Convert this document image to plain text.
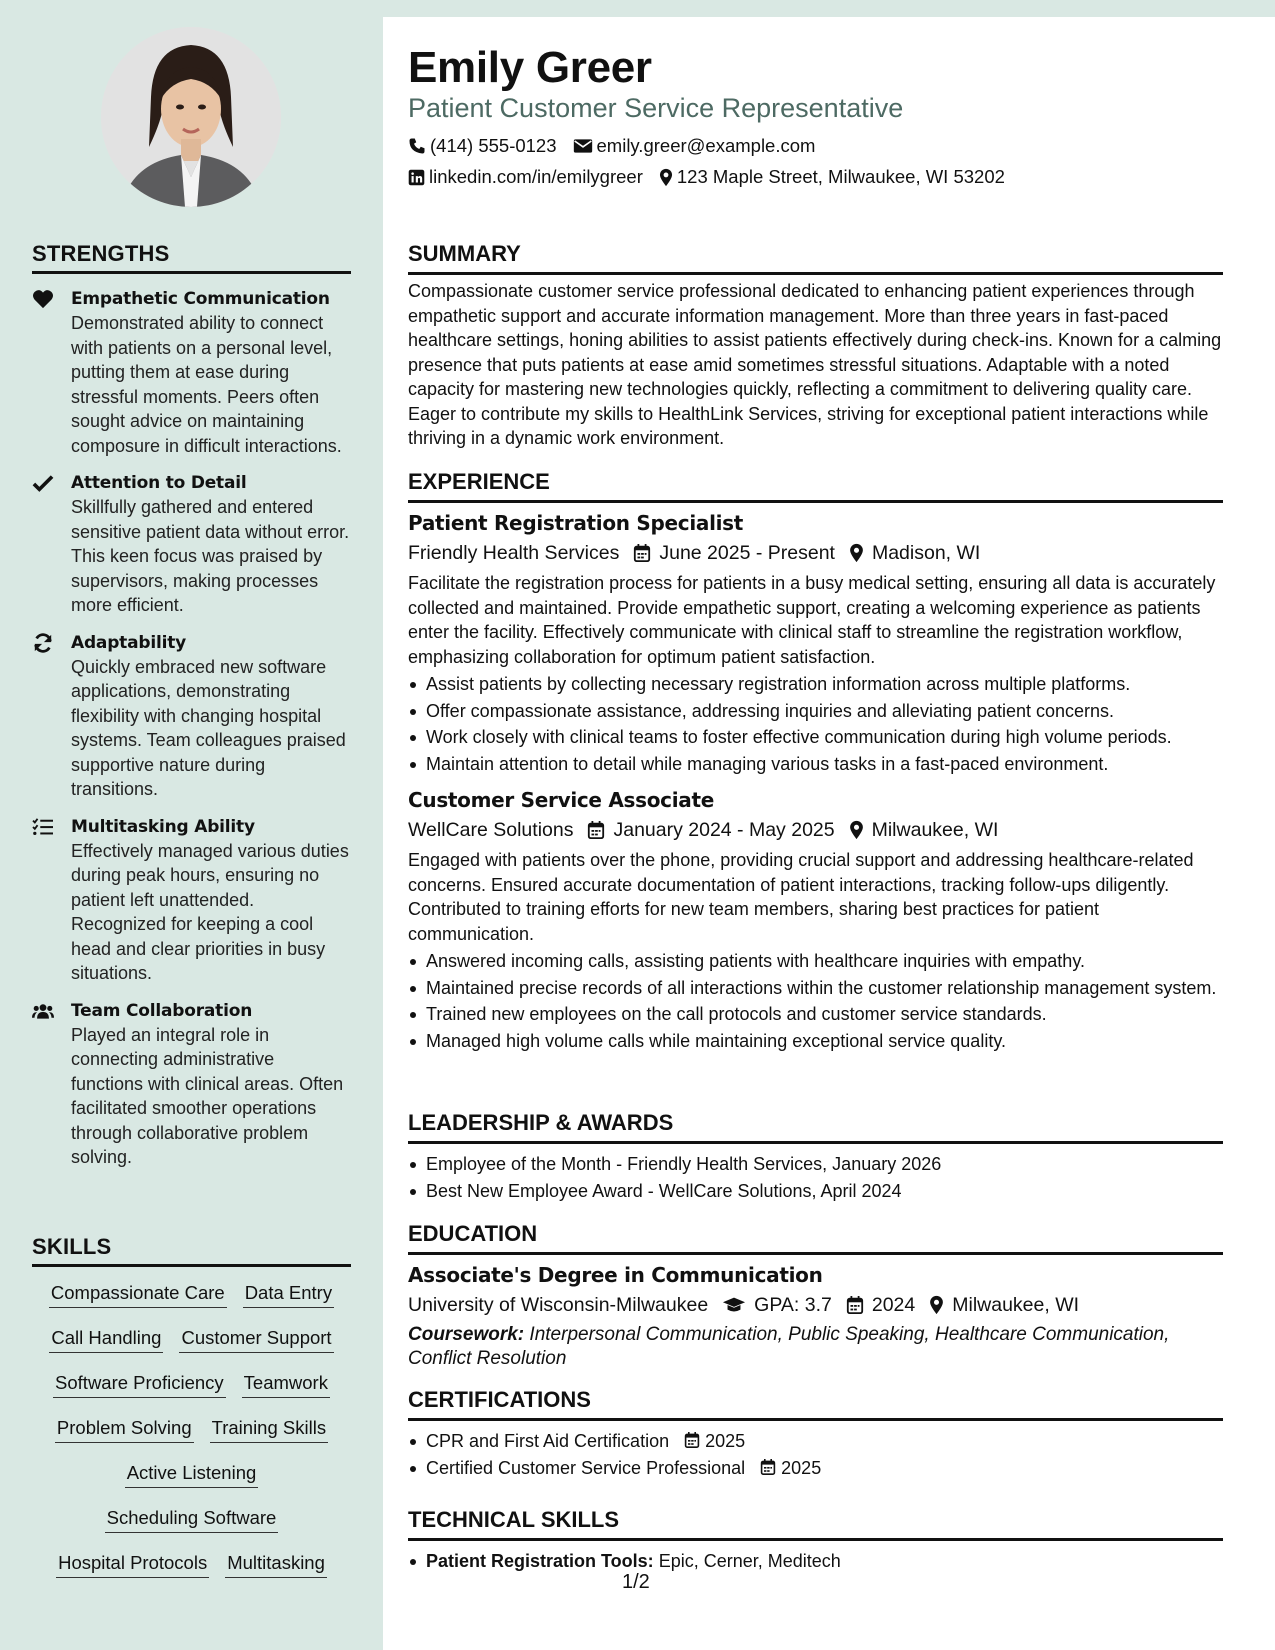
STRENGTHS
Empathetic Communication
Demonstrated ability to connect with patients on a personal level, putting them at ease during stressful moments. Peers often sought advice on maintaining composure in difficult interactions.
Attention to Detail
Skillfully gathered and entered sensitive patient data without error. This keen focus was praised by supervisors, making processes more efficient.
Adaptability
Quickly embraced new software applications, demonstrating flexibility with changing hospital systems. Team colleagues praised supportive nature during transitions.
Multitasking Ability
Effectively managed various duties during peak hours, ensuring no patient left unattended. Recognized for keeping a cool head and clear priorities in busy situations.
Team Collaboration
Played an integral role in connecting administrative functions with clinical areas. Often facilitated smoother operations through collaborative problem solving.
SKILLS
Compassionate Care Data Entry
Call Handling Customer Support
Software Proficiency Teamwork
Problem Solving Training Skills
Active Listening
Scheduling Software
Hospital Protocols Multitasking
Emily Greer
Patient Customer Service Representative
(414) 555-0123 emily.greer@example.com
linkedin.com/in/emilygreer 123 Maple Street, Milwaukee, WI 53202
SUMMARY
Compassionate customer service professional dedicated to enhancing patient experiences through empathetic support and accurate information management. More than three years in fast-paced healthcare settings, honing abilities to assist patients effectively during check-ins. Known for a calming presence that puts patients at ease amid sometimes stressful situations. Adaptable with a noted capacity for mastering new technologies quickly, reflecting a commitment to delivering quality care. Eager to contribute my skills to HealthLink Services, striving for exceptional patient interactions while thriving in a dynamic work environment.
EXPERIENCE
Patient Registration Specialist
Friendly Health Services June 2025 - Present Madison, WI
Facilitate the registration process for patients in a busy medical setting, ensuring all data is accurately collected and maintained. Provide empathetic support, creating a welcoming experience as patients enter the facility. Effectively communicate with clinical staff to streamline the registration workflow, emphasizing collaboration for optimum patient satisfaction.
Assist patients by collecting necessary registration information across multiple platforms.
Offer compassionate assistance, addressing inquiries and alleviating patient concerns.
Work closely with clinical teams to foster effective communication during high volume periods.
Maintain attention to detail while managing various tasks in a fast-paced environment.
Customer Service Associate
WellCare Solutions January 2024 - May 2025 Milwaukee, WI
Engaged with patients over the phone, providing crucial support and addressing healthcare-related concerns. Ensured accurate documentation of patient interactions, tracking follow-ups diligently. Contributed to training efforts for new team members, sharing best practices for patient communication.
Answered incoming calls, assisting patients with healthcare inquiries with empathy.
Maintained precise records of all interactions within the customer relationship management system.
Trained new employees on the call protocols and customer service standards.
Managed high volume calls while maintaining exceptional service quality.
LEADERSHIP & AWARDS
Employee of the Month - Friendly Health Services, January 2026
Best New Employee Award - WellCare Solutions, April 2024
EDUCATION
Associate's Degree in Communication
University of Wisconsin-Milwaukee GPA: 3.7 2024 Milwaukee, WI
Coursework: Interpersonal Communication, Public Speaking, Healthcare Communication, Conflict Resolution
CERTIFICATIONS
CPR and First Aid Certification 2025
Certified Customer Service Professional 2025
TECHNICAL SKILLS
Patient Registration Tools: Epic, Cerner, Meditech
1/2
